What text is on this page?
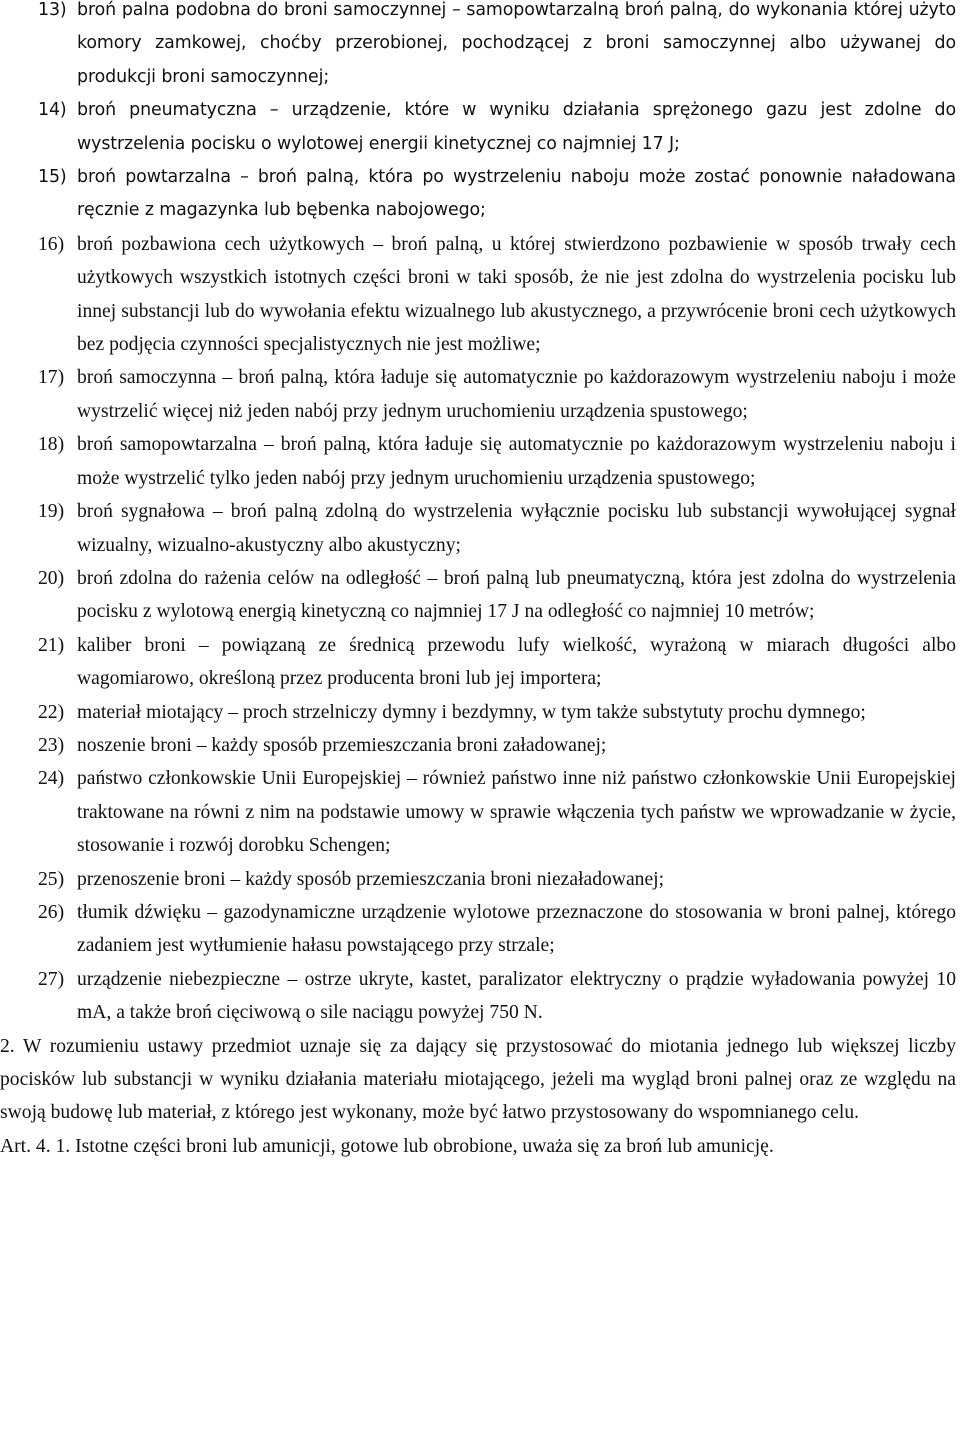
13) broń palna podobna do broni samoczynnej – samopowtarzalną broń palną, do wykonania której użyto komory zamkowej, choćby przerobionej, pochodzącej z broni samoczynnej albo używanej do produkcji broni samoczynnej;
14) broń pneumatyczna – urządzenie, które w wyniku działania sprężonego gazu jest zdolne do wystrzelenia pocisku o wylotowej energii kinetycznej co najmniej 17 J;
15) broń powtarzalna – broń palną, która po wystrzeleniu naboju może zostać ponownie naładowana ręcznie z magazynka lub bębenka nabojowego;
16) broń pozbawiona cech użytkowych – broń palną, u której stwierdzono pozbawienie w sposób trwały cech użytkowych wszystkich istotnych części broni w taki sposób, że nie jest zdolna do wystrzelenia pocisku lub innej substancji lub do wywołania efektu wizualnego lub akustycznego, a przywrócenie broni cech użytkowych bez podjęcia czynności specjalistycznych nie jest możliwe;
17) broń samoczynna – broń palną, która ładuje się automatycznie po każdorazowym wystrzeleniu naboju i może wystrzelić więcej niż jeden nabój przy jednym uruchomieniu urządzenia spustowego;
18) broń samopowtarzalna – broń palną, która ładuje się automatycznie po każdorazowym wystrzeleniu naboju i może wystrzelić tylko jeden nabój przy jednym uruchomieniu urządzenia spustowego;
19) broń sygnałowa – broń palną zdolną do wystrzelenia wyłącznie pocisku lub substancji wywołującej sygnał wizualny, wizualno-akustyczny albo akustyczny;
20) broń zdolna do rażenia celów na odległość – broń palną lub pneumatyczną, która jest zdolna do wystrzelenia pocisku z wylotową energią kinetyczną co najmniej 17 J na odległość co najmniej 10 metrów;
21) kaliber broni – powiązaną ze średnicą przewodu lufy wielkość, wyrażoną w miarach długości albo wagomiarowo, określoną przez producenta broni lub jej importera;
22) materiał miotający – proch strzelniczy dymny i bezdymny, w tym także substytuty prochu dymnego;
23) noszenie broni – każdy sposób przemieszczania broni załadowanej;
24) państwo członkowskie Unii Europejskiej – również państwo inne niż państwo członkowskie Unii Europejskiej traktowane na równi z nim na podstawie umowy w sprawie włączenia tych państw we wprowadzanie w życie, stosowanie i rozwój dorobku Schengen;
25) przenoszenie broni – każdy sposób przemieszczania broni niezaładowanej;
26) tłumik dźwięku – gazodynamiczne urządzenie wylotowe przeznaczone do stosowania w broni palnej, którego zadaniem jest wytłumienie hałasu powstającego przy strzale;
27) urządzenie niebezpieczne – ostrze ukryte, kastet, paralizator elektryczny o prądzie wyładowania powyżej 10 mA, a także broń cięciwową o sile naciągu powyżej 750 N.
2. W rozumieniu ustawy przedmiot uznaje się za dający się przystosować do miotania jednego lub większej liczby pocisków lub substancji w wyniku działania materiału miotającego, jeżeli ma wygląd broni palnej oraz ze względu na swoją budowę lub materiał, z którego jest wykonany, może być łatwo przystosowany do wspomnianego celu.
Art. 4. 1. Istotne części broni lub amunicji, gotowe lub obrobione, uważa się za broń lub amunicję.
